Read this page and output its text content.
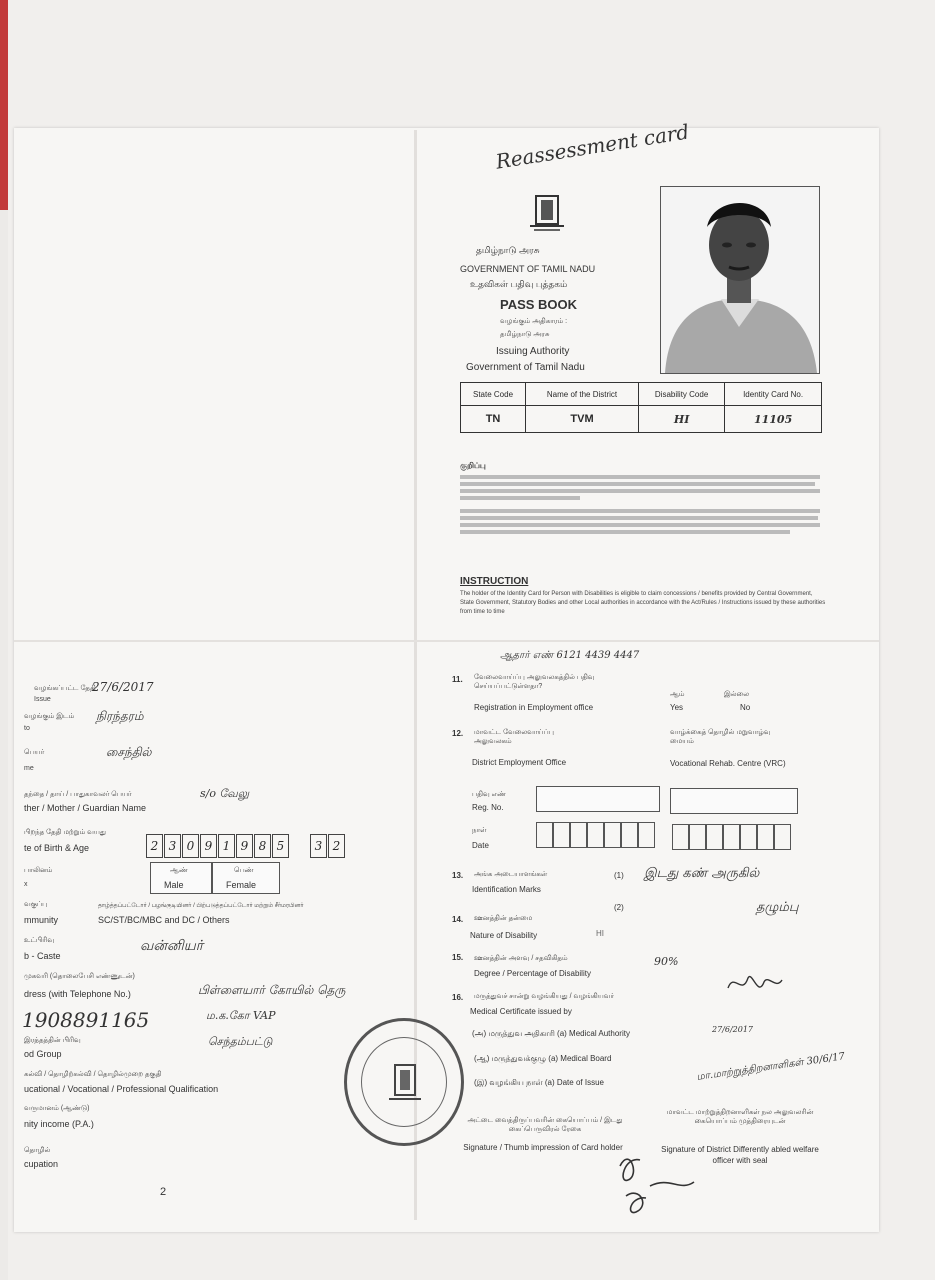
Reassessment card
தமிழ்நாடு அரசு
GOVERNMENT OF TAMIL NADU
உதவிகள் பதிவு புத்தகம்
PASS BOOK
வழங்கும் அதிகாரம் :
தமிழ்நாடு அரசு
Issuing Authority
Government of Tamil Nadu
State Code	Name of the District	Disability Code	Identity Card No.
TN	TVM	HI	11105
குறிப்பு
INSTRUCTION
The holder of the Identity Card for Person with Disabilities is eligible to claim concessions / benefits provided by Central Government, State Government, Statutory Bodies and other Local authorities in accordance with the Act/Rules / Instructions issued by these authorities from time to time
ஆதார் எண் 6121 4439 4447
வழங்கப்பட்ட தேதி
Issue
27/6/2017
வழங்கும் இடம்
to
நிரந்தரம்
பெயர்
me
சைந்தில்
தந்தை / தாய் / பாதுகாவலர் பெயர்
ther / Mother / Guardian Name
s/o வேலு
பிறந்த தேதி மற்றும் வயது
te of Birth & Age	2 3 0 9 1 9 8 5	3 2
பாலினம்
x
ஆண்
Male
பெண்
Female
வகுப்பு
mmunity
தாழ்த்தப்பட்டோர் / பழங்குடியினர் / பிற்படுத்தப்பட்டோர் மற்றும் சீர்மரபினர்
SC/ST/BC/MBC and DC / Others
உட்பிரிவு
b - Caste
வன்னியர்
முகவரி (தொலைபேசி எண்ணுடன்)
dress (with Telephone No.)	பிள்ளையார் கோயில் தெரு
1908891165	ம.க.கோ VAP
செந்தம்பட்டு
இரத்தத்தின் பிரிவு
od Group
கல்வி / தொழிற்கல்வி / தொழில்முறை தகுதி
ucational / Vocational / Professional Qualification
வருமானம் (ஆண்டு)
nity income (P.A.)
தொழில்
cupation
2
11. வேலைவாய்ப்பு அலுவலகத்தில் பதிவு செய்யப்பட்டுள்ளதா?
Registration in Employment office
ஆம்
Yes
இல்லை
No
12. மாவட்ட வேலைவாய்ப்பு அலுவலகம்
District Employment Office
வாழ்க்கைத் தொழில் மறுவாழ்வு மையம்
Vocational Rehab. Centre (VRC)
பதிவு எண்
Reg. No.
நாள்
Date
13. அங்க அடையாளங்கள்
Identification Marks
(1) இடது கண் அருகில்
(2)	தழும்பு
14. ஊனத்தின் தன்மை
Nature of Disability	HI
15. ஊனத்தின் அளவு / சதவிகிதம்
Degree / Percentage of Disability
90%
16. மருத்துவச் சான்று வழங்கியது / வழங்கியவர்
Medical Certificate issued by
(அ) மருத்துவ அதிகாரி (a) Medical Authority	27/6/2017
(ஆ) மருத்துவக்குழு (a) Medical Board
(இ) வழங்கிய நாள் (a) Date of Issue	மா.மாற்றுத்திறனாளிகள் 30/6/17
அட்டை வைத்திருப்பவரின் கையொப்பம் / இடது கைப்பெருவிரல் ரேகை
Signature / Thumb impression of Card holder
மாவட்ட மாற்றுத்திறனாளிகள் நல அலுவலரின் கையொப்பம் முத்திரையுடன்
Signature of District Differently abled welfare officer with seal
